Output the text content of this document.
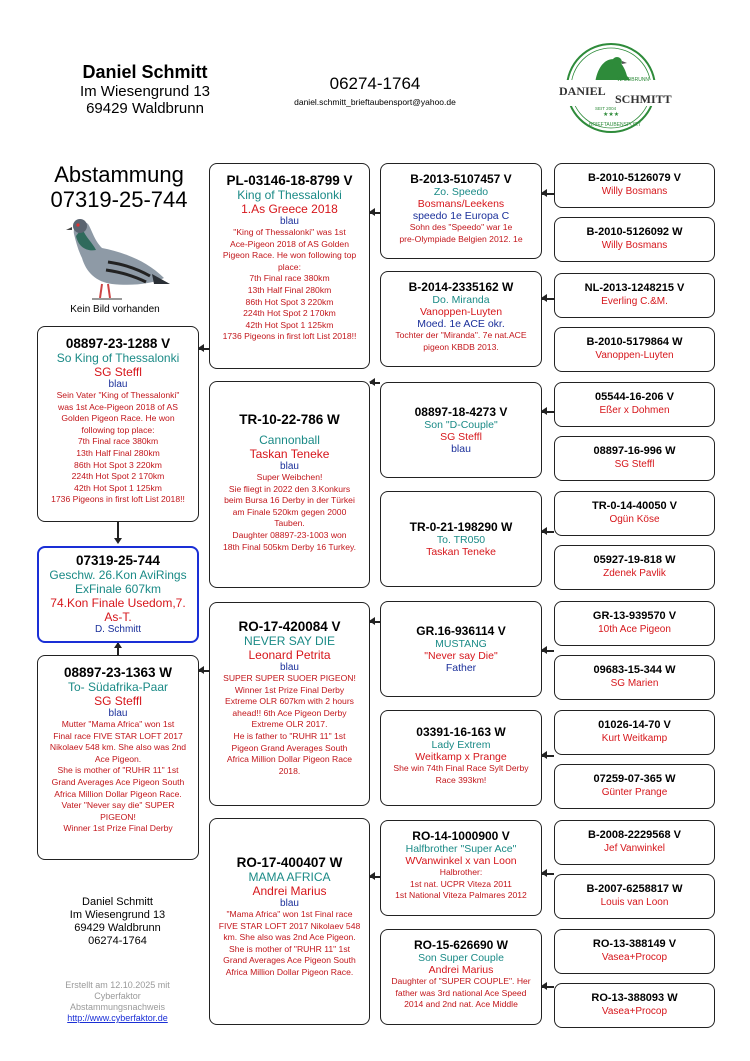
Daniel Schmitt
Im Wiesengrund 13
69429 Waldbrunn
06274-1764
daniel.schmitt_brieftaubensport@yahoo.de
WALDBRUNN
DANIEL
SCHMITT
SEIT 2004
★★★
BRIEFTAUBENSPORT
Abstammung
07319-25-744
Kein Bild vorhanden
08897-23-1288 V
So King of Thessalonki
SG Steffl
blau
Sein Vater "King of Thessalonki"
was 1st Ace-Pigeon 2018 of AS
Golden Pigeon Race. He won
following top place:
7th Final race 380km
13th Half Final 280km
86th Hot Spot 3 220km
224th Hot Spot 2 170km
42th Hot Spot 1 125km
1736 Pigeons in first loft List 2018!!
07319-25-744
Geschw. 26.Kon AviRings
ExFinale 607km
74.Kon Finale Usedom,7.
As-T.
D. Schmitt
08897-23-1363 W
To- Südafrika-Paar
SG Steffl
blau
Mutter "Mama Africa" won 1st
Final race FIVE STAR LOFT 2017
Nikolaev 548 km. She also was 2nd
Ace Pigeon.
She is mother of "RUHR 11" 1st
Grand Averages Ace Pigeon South
Africa Million Dollar Pigeon Race.
Vater "Never say die" SUPER
PIGEON!
Winner 1st Prize Final Derby
PL-03146-18-8799 V
King of Thessalonki
1.As Greece 2018
blau
"King of Thessalonki" was 1st
Ace-Pigeon 2018 of AS Golden
Pigeon Race. He won following top
place:
7th Final race 380km
13th Half Final 280km
86th Hot Spot 3 220km
224th Hot Spot 2 170km
42th Hot Spot 1 125km
1736 Pigeons in first loft List 2018!!
TR-10-22-786 W
Cannonball
Taskan Teneke
blau
Super Weibchen!
Sie fliegt in 2022 den 3.Konkurs
beim Bursa 16 Derby in der Türkei
am Finale 520km gegen 2000
Tauben.
Daughter 08897-23-1003 won
18th Final 505km Derby 16 Turkey.
RO-17-420084 V
NEVER SAY DIE
Leonard Petrita
blau
SUPER SUPER SUOER PIGEON!
Winner 1st Prize Final Derby
Extreme OLR 607km with 2 hours
ahead!! 6th Ace Pigeon Derby
Extreme OLR 2017.
He is father to "RUHR 11" 1st
Pigeon Grand Averages South
Africa Million Dollar Pigeon Race
2018.
RO-17-400407 W
MAMA AFRICA
Andrei Marius
blau
"Mama Africa" won 1st Final race
FIVE STAR LOFT 2017 Nikolaev 548
km. She also was 2nd Ace Pigeon.
She is mother of "RUHR 11" 1st
Grand Averages Ace Pigeon South
Africa Million Dollar Pigeon Race.
B-2013-5107457 V
Zo. Speedo
Bosmans/Leekens
speedo 1e Europa C
Sohn des "Speedo" war 1e
pre-Olympiade Belgien 2012. 1e
B-2014-2335162 W
Do. Miranda
Vanoppen-Luyten
Moed. 1e ACE okr.
Tochter der "Miranda". 7e nat.ACE
pigeon KBDB 2013.
08897-18-4273 V
Son "D-Couple"
SG Steffl
blau
TR-0-21-198290 W
To. TR050
Taskan Teneke
GR.16-936114 V
MUSTANG
"Never say Die"
Father
03391-16-163 W
Lady Extrem
Weitkamp x Prange
She win 74th Final Race Sylt Derby
Race 393km!
RO-14-1000900 V
Halfbrother "Super Ace"
WVanwinkel x van Loon
Halbrother:
1st nat. UCPR Viteza 2011
1st National Viteza Palmares 2012
RO-15-626690 W
Son Super Couple
Andrei Marius
Daughter of "SUPER COUPLE". Her
father was 3rd national Ace Speed
2014 and 2nd nat. Ace Middle
B-2010-5126079 V
Willy Bosmans
B-2010-5126092 W
Willy Bosmans
NL-2013-1248215 V
Everling C.&M.
B-2010-5179864 W
Vanoppen-Luyten
05544-16-206 V
Eßer x Dohmen
08897-16-996 W
SG Steffl
TR-0-14-40050 V
Ogün Köse
05927-19-818 W
Zdenek Pavlik
GR-13-939570 V
10th Ace Pigeon
09683-15-344 W
SG Marien
01026-14-70 V
Kurt Weitkamp
07259-07-365 W
Günter Prange
B-2008-2229568 V
Jef Vanwinkel
B-2007-6258817 W
Louis van Loon
RO-13-388149 V
Vasea+Procop
RO-13-388093 W
Vasea+Procop
Daniel Schmitt
Im Wiesengrund 13
69429 Waldbrunn
06274-1764
Erstellt am 12.10.2025 mit
Cyberfaktor
Abstammungsnachweis
http://www.cyberfaktor.de
